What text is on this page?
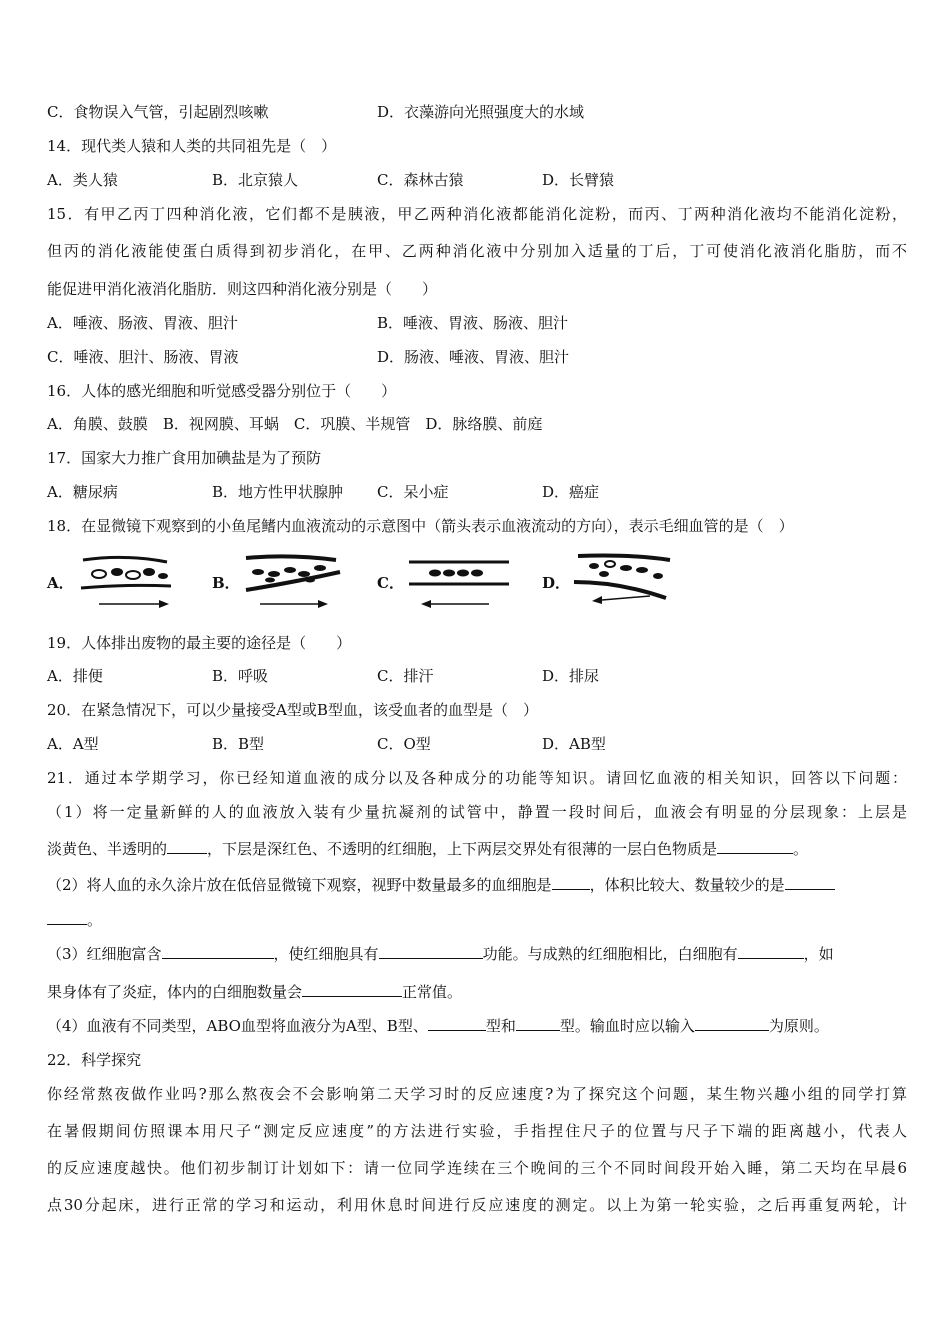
C．食物误入气管，引起剧烈咳嗽	D．衣藻游向光照强度大的水域
14．现代类人猿和人类的共同祖先是（　）
A．类人猿	B．北京猿人	C．森林古猿	D．长臂猿
15．有甲乙丙丁四种消化液，它们都不是胰液，甲乙两种消化液都能消化淀粉，而丙、丁两种消化液均不能消化淀粉，
但丙的消化液能使蛋白质得到初步消化，在甲、乙两种消化液中分别加入适量的丁后，丁可使消化液消化脂肪，而不
能促进甲消化液消化脂肪．则这四种消化液分别是（　　）
A．唾液、肠液、胃液、胆汁	B．唾液、胃液、肠液、胆汁
C．唾液、胆汁、肠液、胃液	D．肠液、唾液、胃液、胆汁
16．人体的感光细胞和听觉感受器分别位于（　　）
A．角膜、鼓膜　B．视网膜、耳蜗　C．巩膜、半规管　D．脉络膜、前庭
17．国家大力推广食用加碘盐是为了预防
A．糖尿病	B．地方性甲状腺肿 C．呆小症	D．癌症
18．在显微镜下观察到的小鱼尾鳍内血液流动的示意图中（箭头表示血液流动的方向），表示毛细血管的是（　）
A．	B．	C．	D．
19．人体排出废物的最主要的途径是（　　）
A．排便	B．呼吸	C．排汗	D．排尿
20．在紧急情况下，可以少量接受A型或B型血，该受血者的血型是（　）
A．A型	B．B型	C．O型	D．AB型
21．通过本学期学习，你已经知道血液的成分以及各种成分的功能等知识。请回忆血液的相关知识，回答以下问题：
（1）将一定量新鲜的人的血液放入装有少量抗凝剂的试管中，静置一段时间后，血液会有明显的分层现象：上层是
淡黄色、半透明的	，下层是深红色、不透明的红细胞，上下两层交界处有很薄的一层白色物质是	。
（2）将人血的永久涂片放在低倍显微镜下观察，视野中数量最多的血细胞是	，体积比较大、数量较少的是
。
（3）红细胞富含	，使红细胞具有	功能。与成熟的红细胞相比，白细胞有	，如
果身体有了炎症，体内的白细胞数量会	正常值。
（4）血液有不同类型，ABO血型将血液分为A型、B型、	型和	型。输血时应以输入	为原则。
22．科学探究
你经常熬夜做作业吗?那么熬夜会不会影响第二天学习时的反应速度?为了探究这个问题，某生物兴趣小组的同学打算
在暑假期间仿照课本用尺子“测定反应速度”的方法进行实验，手指捏住尺子的位置与尺子下端的距离越小，代表人
的反应速度越快。他们初步制订计划如下：请一位同学连续在三个晚间的三个不同时间段开始入睡，第二天均在早晨6
点30分起床，进行正常的学习和运动，利用休息时间进行反应速度的测定。以上为第一轮实验，之后再重复两轮，计
